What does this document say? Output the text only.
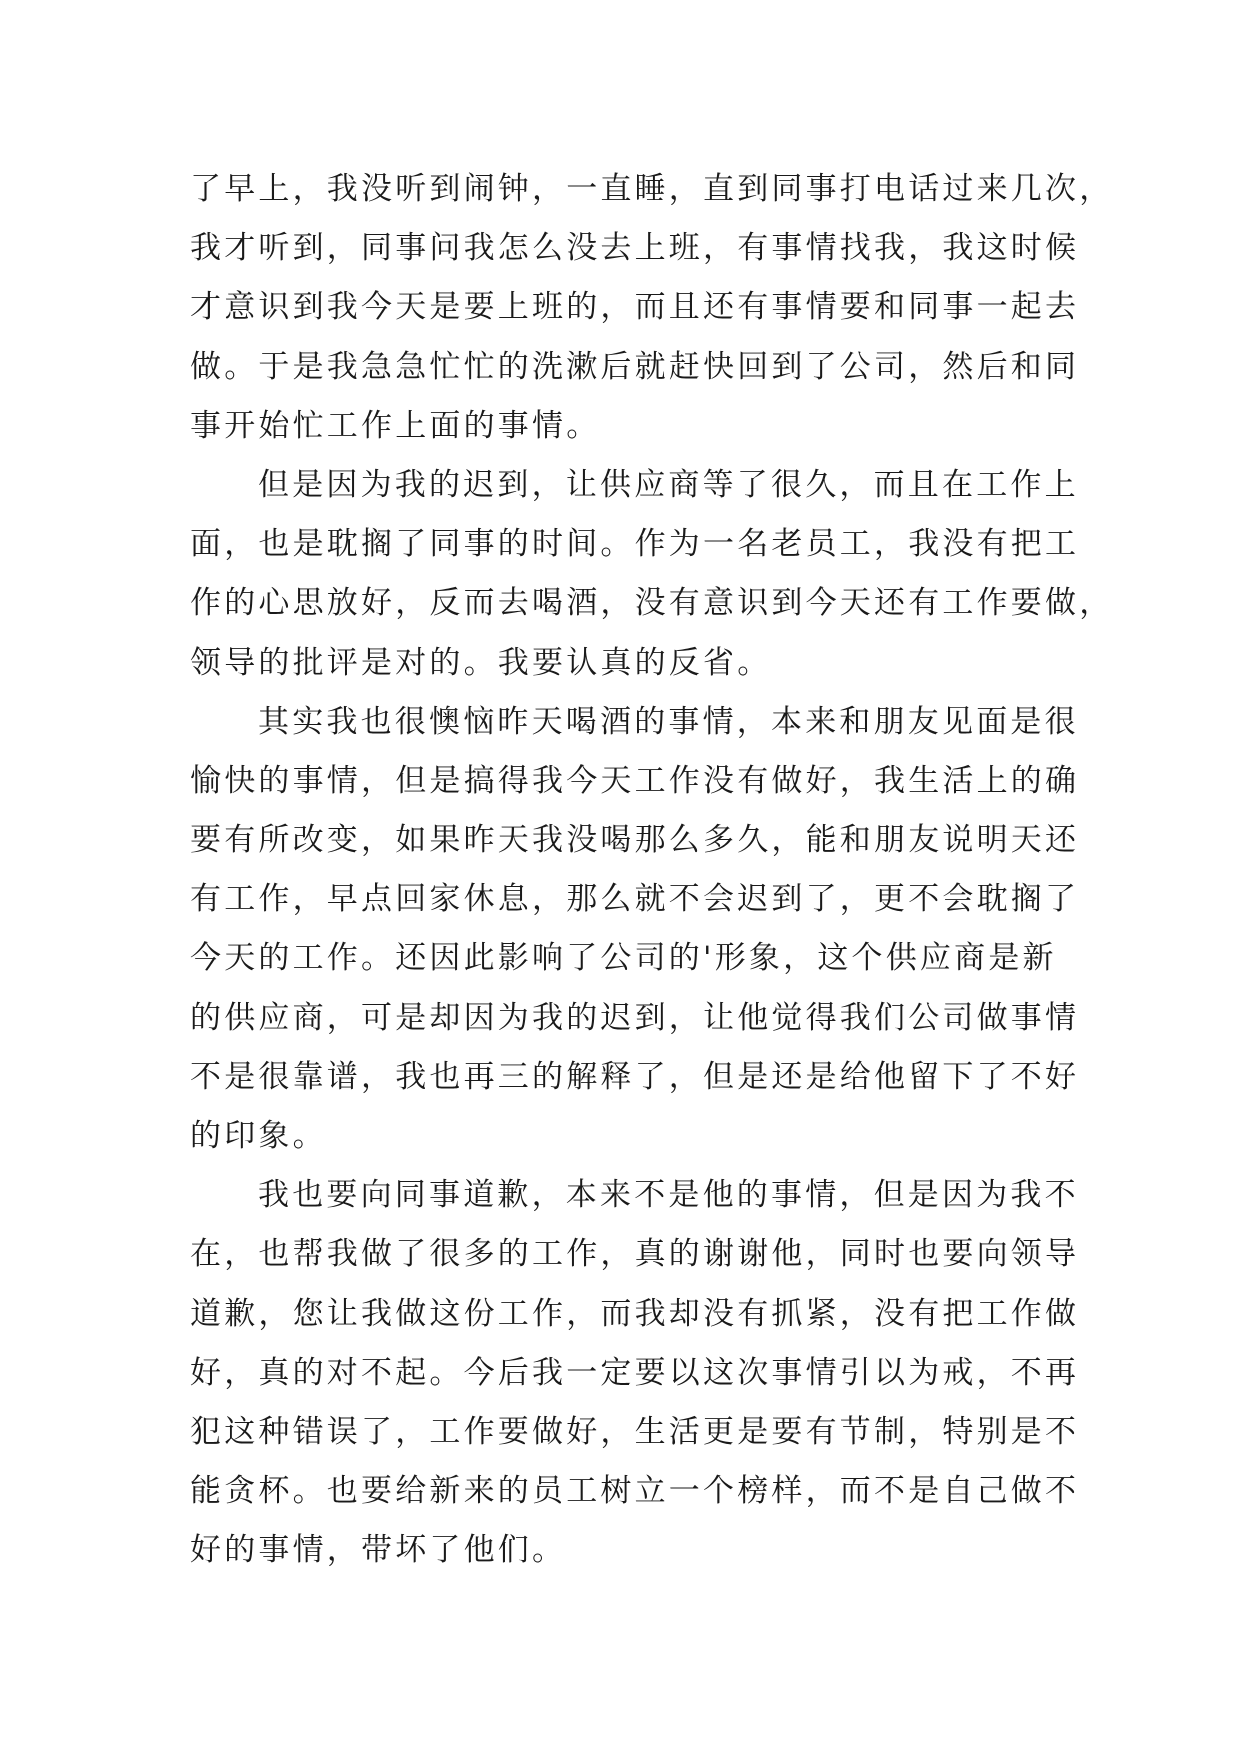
了早上，我没听到闹钟，一直睡，直到同事打电话过来几次，
我才听到，同事问我怎么没去上班，有事情找我，我这时候
才意识到我今天是要上班的，而且还有事情要和同事一起去
做。于是我急急忙忙的洗漱后就赶快回到了公司，然后和同
事开始忙工作上面的事情。
但是因为我的迟到，让供应商等了很久，而且在工作上
面，也是耽搁了同事的时间。作为一名老员工，我没有把工
作的心思放好，反而去喝酒，没有意识到今天还有工作要做，
领导的批评是对的。我要认真的反省。
其实我也很懊恼昨天喝酒的事情，本来和朋友见面是很
愉快的事情，但是搞得我今天工作没有做好，我生活上的确
要有所改变，如果昨天我没喝那么多久，能和朋友说明天还
有工作，早点回家休息，那么就不会迟到了，更不会耽搁了
今天的工作。还因此影响了公司的'形象，这个供应商是新
的供应商，可是却因为我的迟到，让他觉得我们公司做事情
不是很靠谱，我也再三的解释了，但是还是给他留下了不好
的印象。
我也要向同事道歉，本来不是他的事情，但是因为我不
在，也帮我做了很多的工作，真的谢谢他，同时也要向领导
道歉，您让我做这份工作，而我却没有抓紧，没有把工作做
好，真的对不起。今后我一定要以这次事情引以为戒，不再
犯这种错误了，工作要做好，生活更是要有节制，特别是不
能贪杯。也要给新来的员工树立一个榜样，而不是自己做不
好的事情，带坏了他们。
